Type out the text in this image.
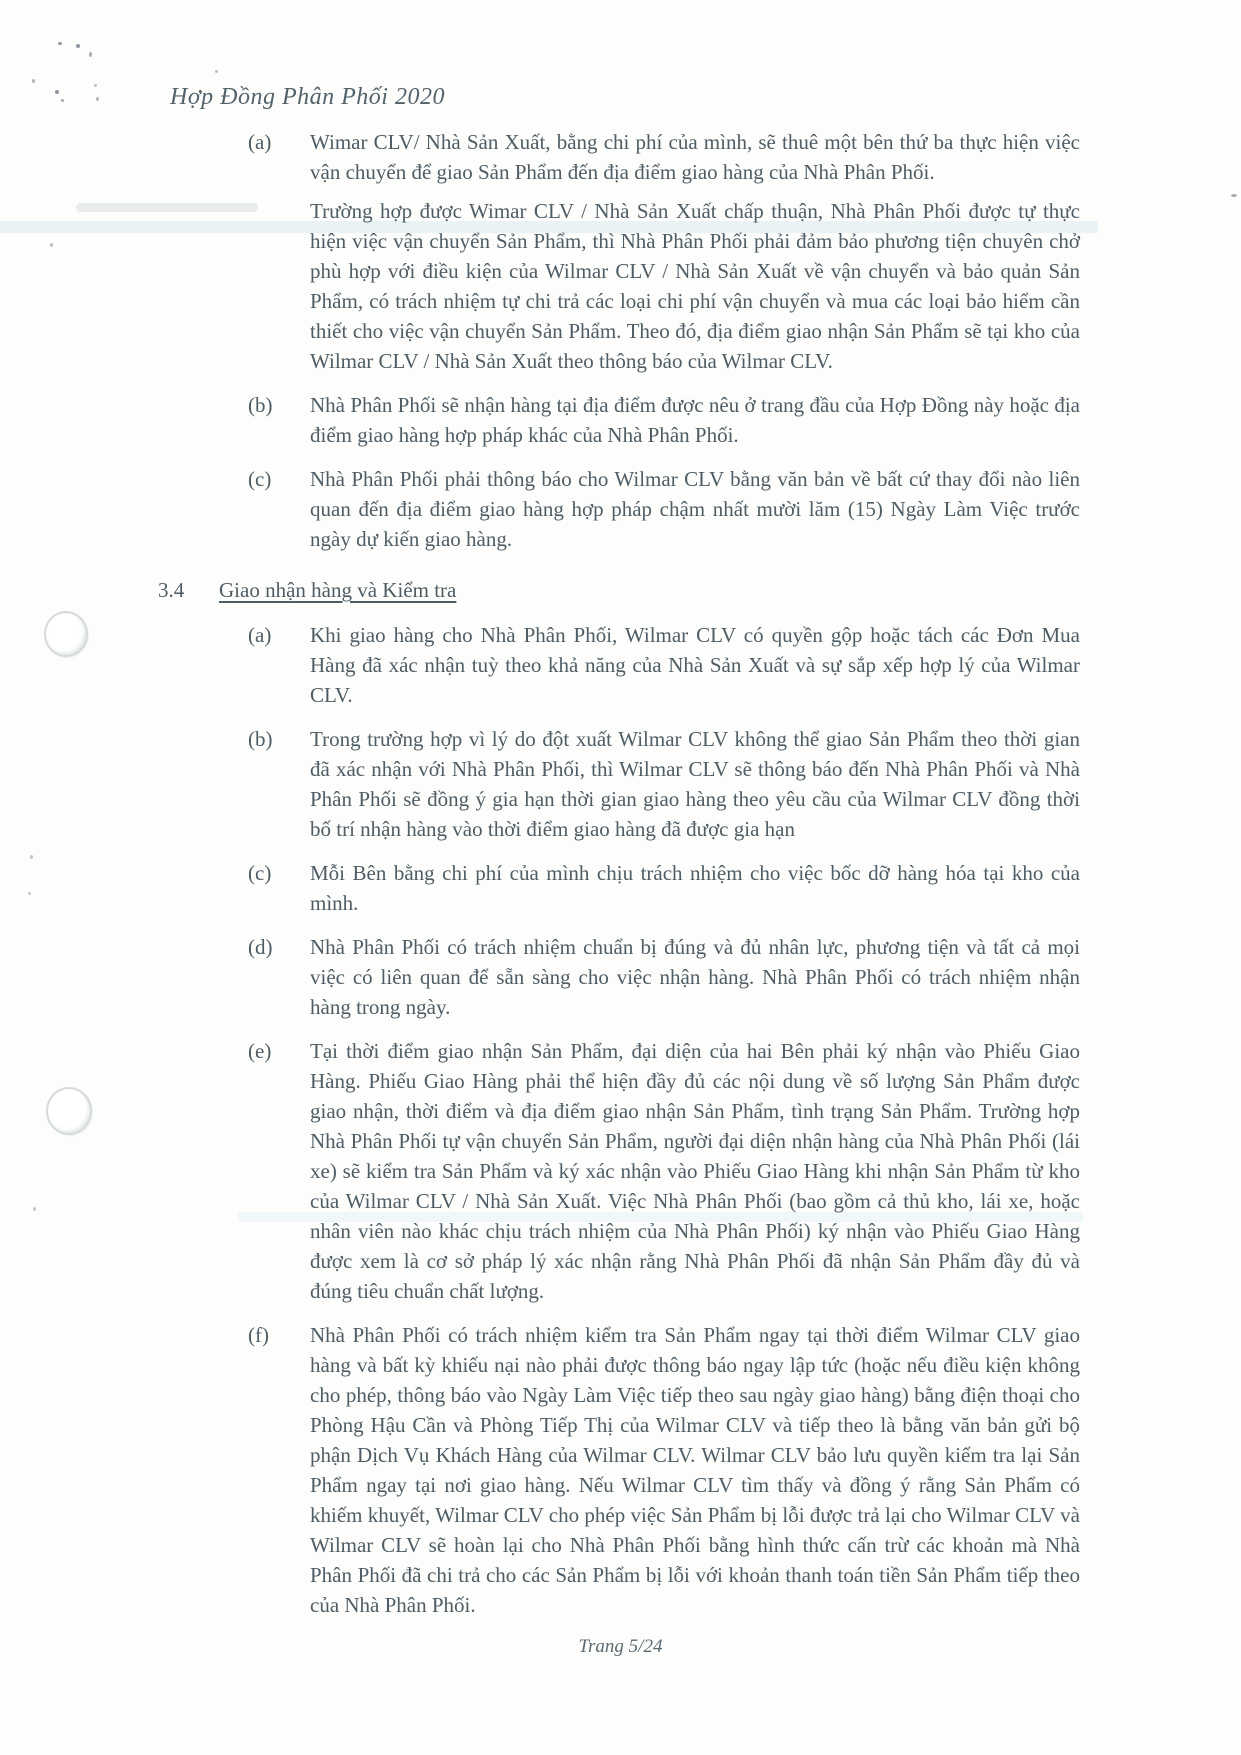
Hợp Đồng Phân Phối 2020
(a)	Wimar CLV/ Nhà Sản Xuất, bằng chi phí của mình, sẽ thuê một bên thứ ba thực hiện việc vận chuyển để giao Sản Phẩm đến địa điểm giao hàng của Nhà Phân Phối.

Trường hợp được Wimar CLV / Nhà Sản Xuất chấp thuận, Nhà Phân Phối được tự thực hiện việc vận chuyển Sản Phẩm, thì Nhà Phân Phối phải đảm bảo phương tiện chuyên chở phù hợp với điều kiện của Wilmar CLV / Nhà Sản Xuất về vận chuyển và bảo quản Sản Phẩm, có trách nhiệm tự chi trả các loại chi phí vận chuyển và mua các loại bảo hiểm cần thiết cho việc vận chuyển Sản Phẩm. Theo đó, địa điểm giao nhận Sản Phẩm sẽ tại kho của Wilmar CLV / Nhà Sản Xuất theo thông báo của Wilmar CLV.

(b)	Nhà Phân Phối sẽ nhận hàng tại địa điểm được nêu ở trang đầu của Hợp Đồng này hoặc địa điểm giao hàng hợp pháp khác của Nhà Phân Phối.

(c)	Nhà Phân Phối phải thông báo cho Wilmar CLV bằng văn bản về bất cứ thay đổi nào liên quan đến địa điểm giao hàng hợp pháp chậm nhất mười lăm (15) Ngày Làm Việc trước ngày dự kiến giao hàng.

3.4 Giao nhận hàng và Kiểm tra
(a)	Khi giao hàng cho Nhà Phân Phối, Wilmar CLV có quyền gộp hoặc tách các Đơn Mua Hàng đã xác nhận tuỳ theo khả năng của Nhà Sản Xuất và sự sắp xếp hợp lý của Wilmar CLV.

(b)	Trong trường hợp vì lý do đột xuất Wilmar CLV không thể giao Sản Phẩm theo thời gian đã xác nhận với Nhà Phân Phối, thì Wilmar CLV sẽ thông báo đến Nhà Phân Phối và Nhà Phân Phối sẽ đồng ý gia hạn thời gian giao hàng theo yêu cầu của Wilmar CLV đồng thời bố trí nhận hàng vào thời điểm giao hàng đã được gia hạn

(c)	Mỗi Bên bằng chi phí của mình chịu trách nhiệm cho việc bốc dỡ hàng hóa tại kho của mình.

(d)	Nhà Phân Phối có trách nhiệm chuẩn bị đúng và đủ nhân lực, phương tiện và tất cả mọi việc có liên quan để sẵn sàng cho việc nhận hàng. Nhà Phân Phối có trách nhiệm nhận hàng trong ngày.

(e)	Tại thời điểm giao nhận Sản Phẩm, đại diện của hai Bên phải ký nhận vào Phiếu Giao Hàng. Phiếu Giao Hàng phải thể hiện đầy đủ các nội dung về số lượng Sản Phẩm được giao nhận, thời điểm và địa điểm giao nhận Sản Phẩm, tình trạng Sản Phẩm. Trường hợp Nhà Phân Phối tự vận chuyển Sản Phẩm, người đại diện nhận hàng của Nhà Phân Phối (lái xe) sẽ kiểm tra Sản Phẩm và ký xác nhận vào Phiếu Giao Hàng khi nhận Sản Phẩm từ kho của Wilmar CLV / Nhà Sản Xuất. Việc Nhà Phân Phối (bao gồm cả thủ kho, lái xe, hoặc nhân viên nào khác chịu trách nhiệm của Nhà Phân Phối) ký nhận vào Phiếu Giao Hàng được xem là cơ sở pháp lý xác nhận rằng Nhà Phân Phối đã nhận Sản Phẩm đầy đủ và đúng tiêu chuẩn chất lượng.

(f)	Nhà Phân Phối có trách nhiệm kiểm tra Sản Phẩm ngay tại thời điểm Wilmar CLV giao hàng và bất kỳ khiếu nại nào phải được thông báo ngay lập tức (hoặc nếu điều kiện không cho phép, thông báo vào Ngày Làm Việc tiếp theo sau ngày giao hàng) bằng điện thoại cho Phòng Hậu Cần và Phòng Tiếp Thị của Wilmar CLV và tiếp theo là bằng văn bản gửi bộ phận Dịch Vụ Khách Hàng của Wilmar CLV. Wilmar CLV bảo lưu quyền kiểm tra lại Sản Phẩm ngay tại nơi giao hàng. Nếu Wilmar CLV tìm thấy và đồng ý rằng Sản Phẩm có khiếm khuyết, Wilmar CLV cho phép việc Sản Phẩm bị lỗi được trả lại cho Wilmar CLV và Wilmar CLV sẽ hoàn lại cho Nhà Phân Phối bằng hình thức cấn trừ các khoản mà Nhà Phân Phối đã chi trả cho các Sản Phẩm bị lỗi với khoản thanh toán tiền Sản Phẩm tiếp theo của Nhà Phân Phối.

Trang 5/24
